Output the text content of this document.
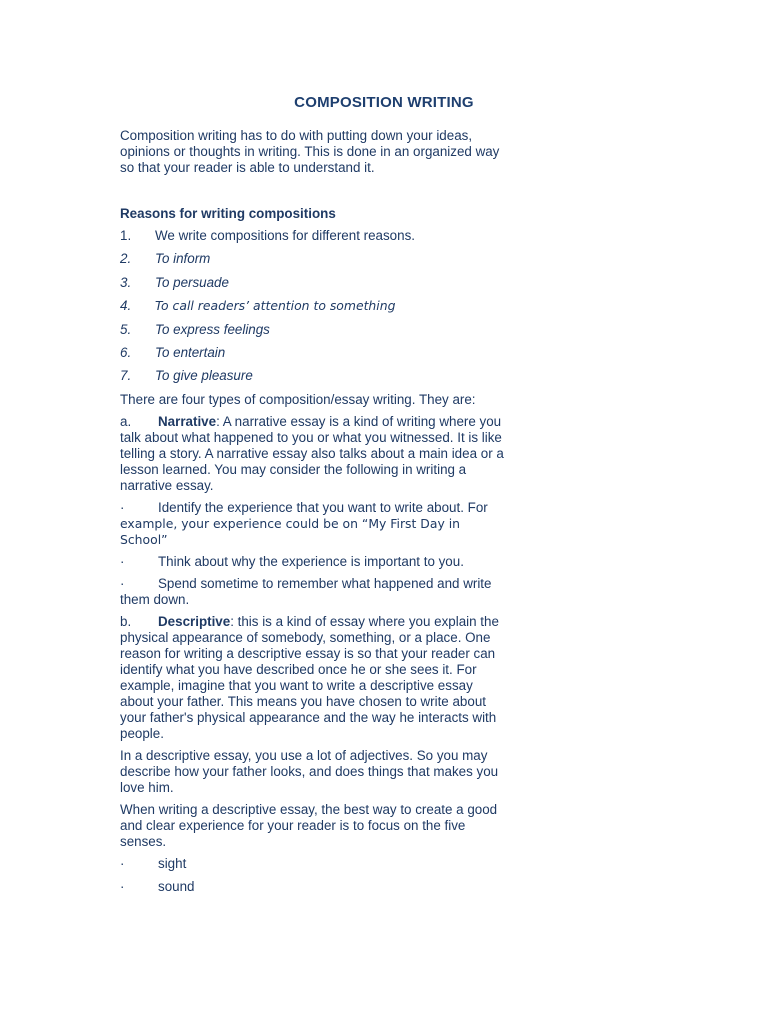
COMPOSITION WRITING

Composition writing has to do with putting down your ideas, opinions or thoughts in writing. This is done in an organized way so that your reader is able to understand it.

Reasons for writing compositions
1.	We write compositions for different reasons.
2.	To inform
3.	To persuade
4.	To call readers’ attention to something
5.	To express feelings
6.	To entertain
7.	To give pleasure

There are four types of composition/essay writing. They are:

a. Narrative: A narrative essay is a kind of writing where you talk about what happened to you or what you witnessed. It is like telling a story. A narrative essay also talks about a main idea or a lesson learned. You may consider the following in writing a narrative essay.

·	Identify the experience that you want to write about. For
example, your experience could be on “My First Day in School”

·	Think about why the experience is important to you.

·	Spend sometime to remember what happened and write them down.

b. Descriptive: this is a kind of essay where you explain the physical appearance of somebody, something, or a place. One reason for writing a descriptive essay is so that your reader can identify what you have described once he or she sees it. For example, imagine that you want to write a descriptive essay about your father. This means you have chosen to write about your father's physical appearance and the way he interacts with people.

In a descriptive essay, you use a lot of adjectives. So you may describe how your father looks, and does things that makes you love him.

When writing a descriptive essay, the best way to create a good and clear experience for your reader is to focus on the five senses.

·	sight
·	sound
